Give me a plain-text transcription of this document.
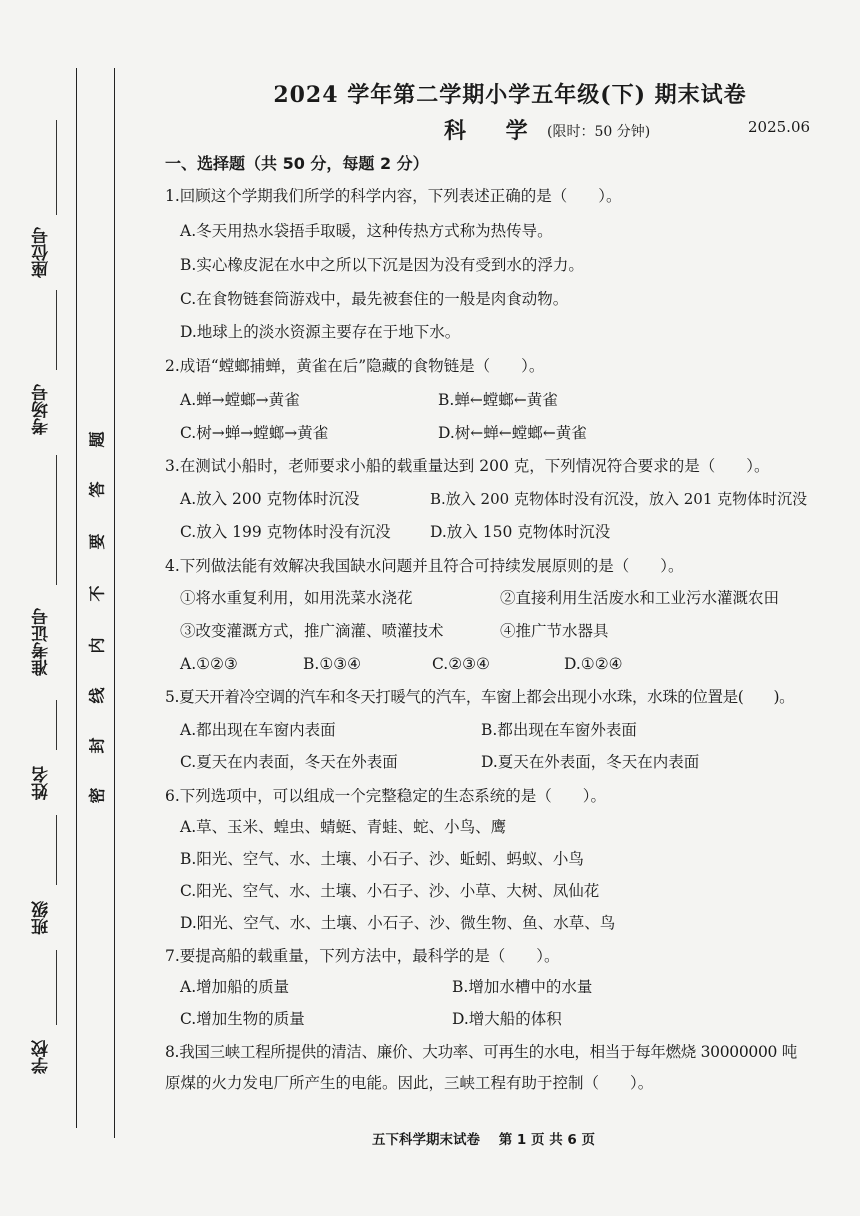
座位号
考场号
准考证号
姓名
班级
学校
题
答
要
不
内
线
封
密
2024 学年第二学期小学五年级(下) 期末试卷
科 学 (限时：50 分钟)	2025.06
一、选择题（共 50 分，每题 2 分）
1.回顾这个学期我们所学的科学内容，下列表述正确的是（　　）。
A.冬天用热水袋捂手取暖，这种传热方式称为热传导。
B.实心橡皮泥在水中之所以下沉是因为没有受到水的浮力。
C.在食物链套筒游戏中，最先被套住的一般是肉食动物。
D.地球上的淡水资源主要存在于地下水。
2.成语“螳螂捕蝉，黄雀在后”隐藏的食物链是（　　）。
A.蝉→螳螂→黄雀	B.蝉←螳螂←黄雀
C.树→蝉→螳螂→黄雀	D.树←蝉←螳螂←黄雀
3.在测试小船时，老师要求小船的载重量达到 200 克，下列情况符合要求的是（　　）。
A.放入 200 克物体时沉没	B.放入 200 克物体时没有沉没，放入 201 克物体时沉没
C.放入 199 克物体时没有沉没	D.放入 150 克物体时沉没
4.下列做法能有效解决我国缺水问题并且符合可持续发展原则的是（　　）。
①将水重复利用，如用洗菜水浇花	②直接利用生活废水和工业污水灌溉农田
③改变灌溉方式，推广滴灌、喷灌技术	④推广节水器具
A.①②③	B.①③④	C.②③④	D.①②④
5.夏天开着冷空调的汽车和冬天打暖气的汽车，车窗上都会出现小水珠，水珠的位置是(　　)。
A.都出现在车窗内表面	B.都出现在车窗外表面
C.夏天在内表面，冬天在外表面	D.夏天在外表面，冬天在内表面
6.下列选项中，可以组成一个完整稳定的生态系统的是（　　）。
A.草、玉米、蝗虫、蜻蜓、青蛙、蛇、小鸟、鹰
B.阳光、空气、水、土壤、小石子、沙、蚯蚓、蚂蚁、小鸟
C.阳光、空气、水、土壤、小石子、沙、小草、大树、凤仙花
D.阳光、空气、水、土壤、小石子、沙、微生物、鱼、水草、鸟
7.要提高船的载重量，下列方法中，最科学的是（　　）。
A.增加船的质量	B.增加水槽中的水量
C.增加生物的质量	D.增大船的体积
8.我国三峡工程所提供的清洁、廉价、大功率、可再生的水电，相当于每年燃烧 30000000 吨
原煤的火力发电厂所产生的电能。因此，三峡工程有助于控制（　　）。
五下科学期末试卷 第 1 页 共 6 页
